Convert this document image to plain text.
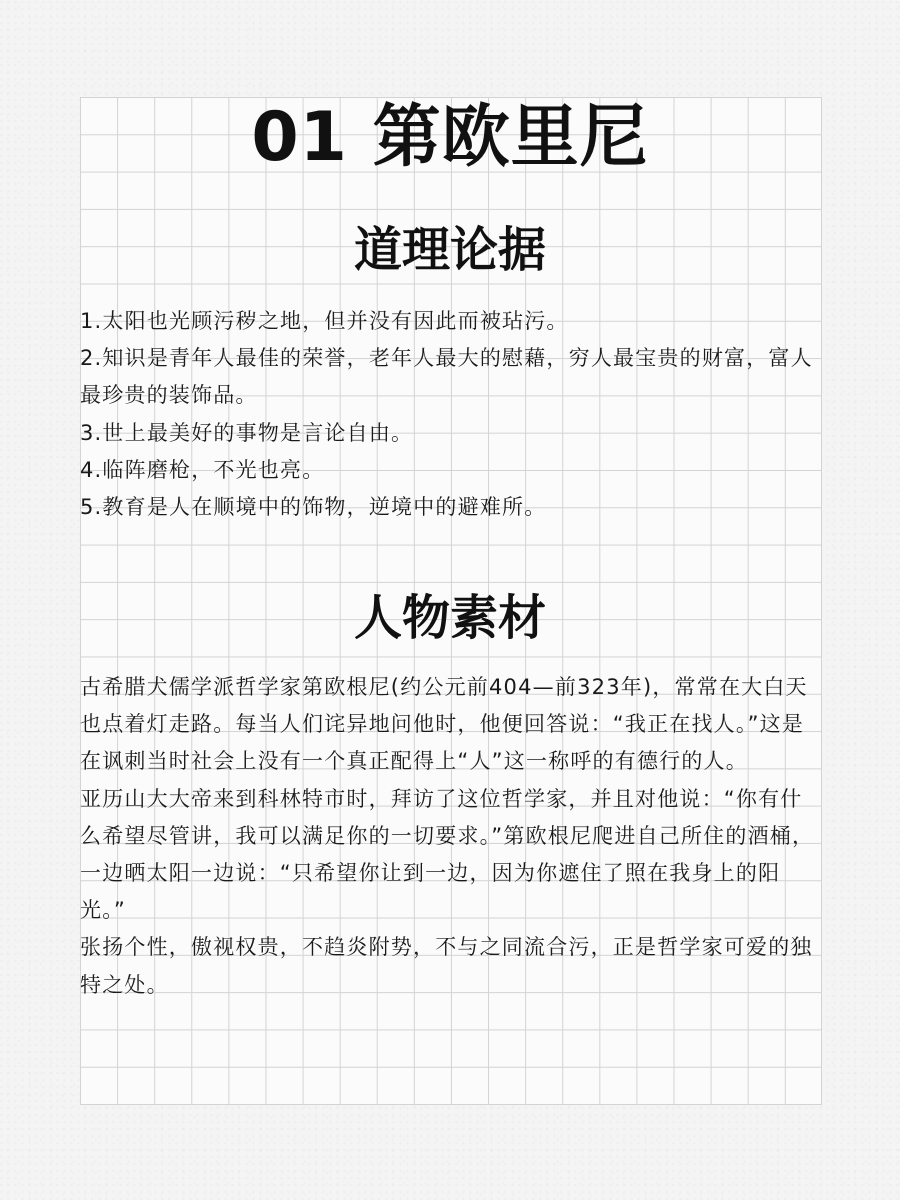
01 第欧里尼
道理论据

1.太阳也光顾污秽之地，但并没有因此而被玷污。

2.知识是青年人最佳的荣誉，老年人最大的慰藉，穷人最宝贵的财富，富人最珍贵的装饰品。

3.世上最美好的事物是言论自由。

4.临阵磨枪，不光也亮。

5.教育是人在顺境中的饰物，逆境中的避难所。

人物素材

古希腊犬儒学派哲学家第欧根尼(约公元前404—前323年)，常常在大白天也点着灯走路。每当人们诧异地问他时，他便回答说：“我正在找人。”这是在讽刺当时社会上没有一个真正配得上“人”这一称呼的有德行的人。

亚历山大大帝来到科林特市时，拜访了这位哲学家，并且对他说：“你有什么希望尽管讲，我可以满足你的一切要求。”第欧根尼爬进自己所住的酒桶，一边晒太阳一边说：“只希望你让到一边，因为你遮住了照在我身上的阳光。”

张扬个性，傲视权贵，不趋炎附势，不与之同流合污，正是哲学家可爱的独特之处。
